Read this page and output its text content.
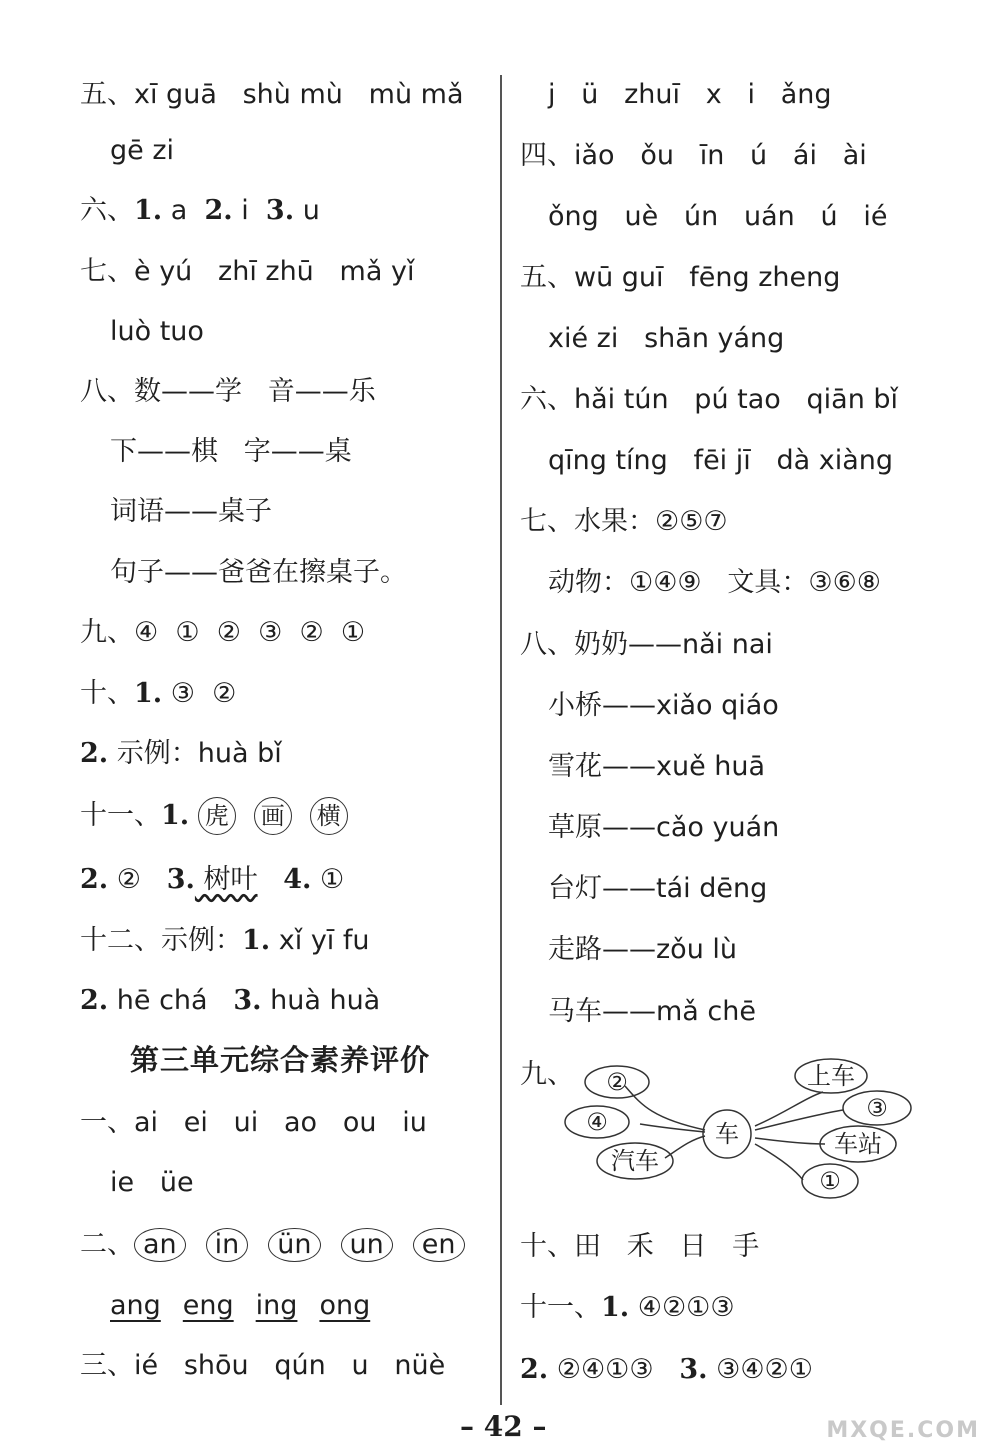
五、xī guā   shù mù   mù mǎ
gē zi
六、1. a  2. i  3. u
七、è yú   zhī zhū   mǎ yǐ
luò tuo
八、数——学   音——乐
下——棋   字——桌
词语——桌子
句子——爸爸在擦桌子。
九、④  ①  ②  ③  ②  ①
十、1. ③  ②
2. 示例：huà bǐ
十一、1. 虎 画 横
2. ②   3. 树叶 4. ①
十二、示例：1. xǐ yī fu
2. hē chá   3. huà huà
第三单元综合素养评价
一、ai   ei   ui   ao   ou   iu
ie   üe
二、 an in ün un en
ang eng ing ong
三、ié   shōu   qún   u   nüè
j   ü   zhuī   x   i   ǎng
四、iǎo   ǒu   īn   ú   ái   ài
ǒng   uè   ún   uán   ú   ié
五、wū guī   fēng zheng
xié zi   shān yáng
六、hǎi tún   pú tao   qiān bǐ
qīng tíng   fēi jī   dà xiàng
七、水果：②⑤⑦
动物：①④⑨   文具：③⑥⑧
八、奶奶——nǎi nai
小桥——xiǎo qiáo
雪花——xuě huā
草原——cǎo yuán
台灯——tái dēng
走路——zǒu lù
马车——mǎ chē
九、 ②
④
汽车
车
上车
③
车站
①
十、田   禾   日   手
十一、1. ④②①③
2. ②④①③   3. ③④②①
– 42 –	MXQE.COM
